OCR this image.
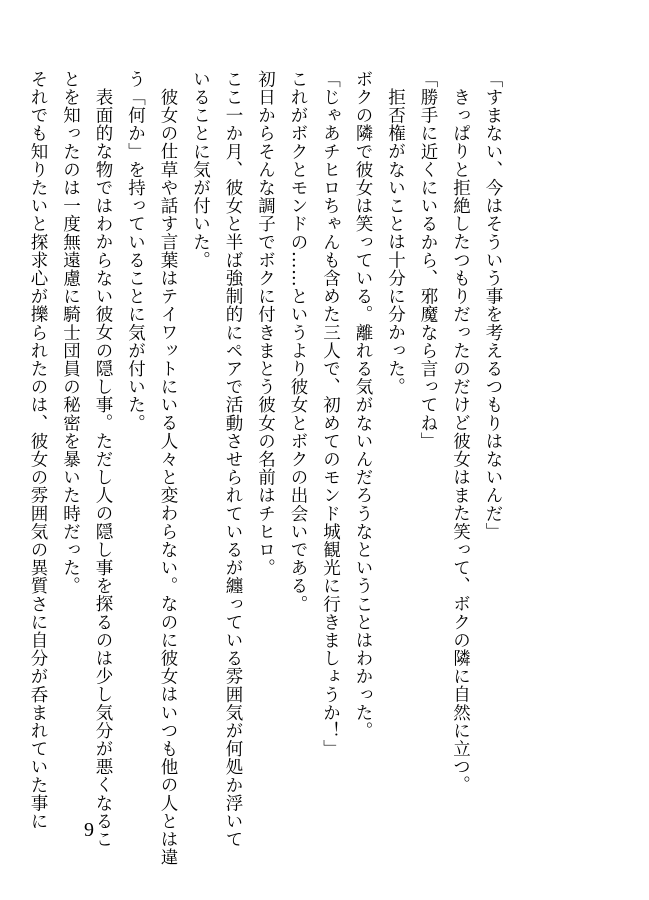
「すまない、今はそういう事を考えるつもりはないんだ」

きっぱりと拒絶したつもりだったのだけど彼女はまた笑って、ボクの隣に自然に立つ。

「勝手に近くにいるから、邪魔なら言ってね」

拒否権がないことは十分に分かった。

ボクの隣で彼女は笑っている。離れる気がないんだろうなということはわかった。

「じゃあチヒロちゃんも含めた三人で、初めてのモンド城観光に行きましょうか！」

これがボクとモンドの……というより彼女とボクの出会いである。

初日からそんな調子でボクに付きまとう彼女の名前はチヒロ。

ここ一か月、彼女と半ば強制的にペアで活動させられているが纏っている雰囲気が何処か浮いて

いることに気が付いた。

彼女の仕草や話す言葉はテイワットにいる人々と変わらない。なのに彼女はいつも他の人とは違

う「何か」を持っていることに気が付いた。

表面的な物ではわからない彼女の隠し事。ただし人の隠し事を探るのは少し気分が悪くなるこ

とを知ったのは一度無遠慮に騎士団員の秘密を暴いた時だった。

それでも知りたいと探求心が擽られたのは、彼女の雰囲気の異質さに自分が呑まれていた事に	9
